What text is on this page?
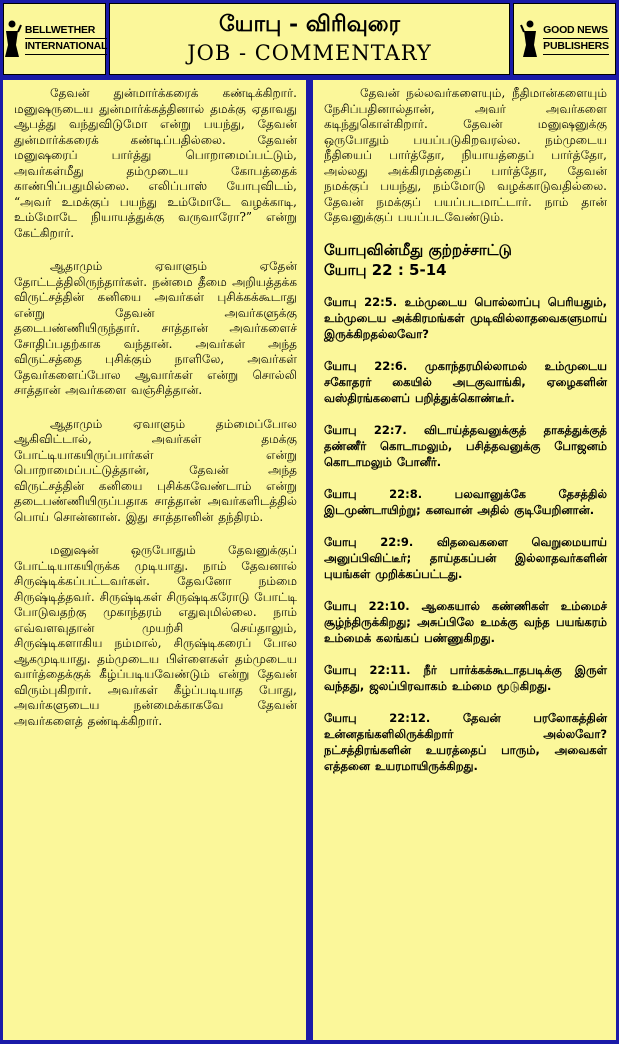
BELLWETHER
INTERNATIONAL
யோபு - விரிவுரை
JOB - COMMENTARY
GOOD NEWS
PUBLISHERS

தேவன் துன்மார்க்கரைக் கண்டிக்கிறார். மனுஷருடைய துன்மார்க்கத்தினால் தமக்கு ஏதாவது ஆபத்து வந்துவிடுமோ என்று பயந்து, தேவன் துன்மார்க்கரைக் கண்டிப்பதில்லை. தேவன் மனுஷரைப் பார்த்து பொறாமைப்பட்டும், அவர்கள்மீது தம்முடைய கோபத்தைக் காண்பிப்பதுமில்லை. எலிப்பாஸ் யோபுவிடம், “அவர் உமக்குப் பயந்து உம்மோடே வழக்காடி, உம்மோடே நியாயத்துக்கு வருவாரோ?” என்று கேட்கிறார்.

ஆதாமும் ஏவாளும் ஏதேன் தோட்டத்திலிருந்தார்கள். நன்மை தீமை அறியத்தக்க விருட்சத்தின் கனியை அவர்கள் புசிக்கக்கூடாது என்று தேவன் அவர்களுக்கு தடைபண்ணியிருந்தார். சாத்தான் அவர்களைச் சோதிப்பதற்காக வந்தான். அவர்கள் அந்த விருட்சத்தை புசிக்கும் நாளிலே, அவர்கள் தேவர்களைப்போல ஆவார்கள் என்று சொல்லி சாத்தான் அவர்களை வஞ்சித்தான்.

ஆதாமும் ஏவாளும் தம்மைப்போல ஆகிவிட்டால், அவர்கள் தமக்கு போட்டியாகயிருப்பார்கள் என்று பொறாமைப்பட்டுத்தான், தேவன் அந்த விருட்சத்தின் கனியை புசிக்கவேண்டாம் என்று தடைபண்ணியிருப்பதாக சாத்தான் அவர்களிடத்தில் பொய் சொன்னான். இது சாத்தானின் தந்திரம்.

மனுஷன் ஒருபோதும் தேவனுக்குப் போட்டியாகயிருக்க முடியாது. நாம் தேவனால் சிருஷ்டிக்கப்பட்டவர்கள். தேவனோ நம்மை சிருஷ்டித்தவர். சிருஷ்டிகள் சிருஷ்டிகரோடு போட்டி போடுவதற்கு முகாந்தரம் எதுவுமில்லை. நாம் எவ்வளவுதான் முயற்சி செய்தாலும், சிருஷ்டிகளாகிய நம்மால், சிருஷ்டிகரைப் போல ஆகமுடியாது. தம்முடைய பிள்ளைகள் தம்முடைய வார்த்தைக்குக் கீழ்ப்படியவேண்டும் என்று தேவன் விரும்புகிறார். அவர்கள் கீழ்ப்படியாத போது, அவர்களுடைய நன்மைக்காகவே தேவன் அவர்களைத் தண்டிக்கிறார்.

தேவன் நல்லவர்களையும், நீதிமான்களையும் நேசிப்பதினால்தான், அவர் அவர்களை கடிந்துகொள்கிறார். தேவன் மனுஷனுக்கு ஒருபோதும் பயப்படுகிறவரல்ல. நம்முடைய நீதியைப் பார்த்தோ, நியாயத்தைப் பார்த்தோ, அல்லது அக்கிரமத்தைப் பார்த்தோ, தேவன் நமக்குப் பயந்து, நம்மோடு வழக்காடுவதில்லை. தேவன் நமக்குப் பயப்படமாட்டார். நாம் தான் தேவனுக்குப் பயப்படவேண்டும்.

யோபுவின்மீது குற்றச்சாட்டு
யோபு 22 : 5-14

யோபு 22:5. உம்முடைய பொல்லாப்பு பெரியதும், உம்முடைய அக்கிரமங்கள் முடிவில்லாதவைகளுமாய் இருக்கிறதல்லவோ?

யோபு 22:6. முகாந்தரமில்லாமல் உம்முடைய சகோதரர் கையில் அடகுவாங்கி, ஏழைகளின் வஸ்திரங்களைப் பறித்துக்கொண்டீர்.

யோபு 22:7. விடாய்த்தவனுக்குத் தாகத்துக்குத் தண்ணீர் கொடாமலும், பசித்தவனுக்கு போஜனம் கொடாமலும் போனீர்.

யோபு 22:8. பலவானுக்கே தேசத்தில் இடமுண்டாயிற்று; கனவான் அதில் குடியேறினான்.

யோபு 22:9. விதவைகளை வெறுமையாய் அனுப்பிவிட்டீர்; தாய்தகப்பன் இல்லாதவர்களின் புயங்கள் முறிக்கப்பட்டது.

யோபு 22:10. ஆகையால் கண்ணிகள் உம்மைச் சூழ்ந்திருக்கிறது; அசுப்பிலே உமக்கு வந்த பயங்கரம் உம்மைக் கலங்கப் பண்ணுகிறது.

யோபு 22:11. நீர் பார்க்கக்கூடாதபடிக்கு இருள் வந்தது, ஜலப்பிரவாகம் உம்மை மூடுகிறது.

யோபு 22:12. தேவன் பரலோகத்தின் உன்னதங்களிலிருக்கிறார் அல்லவோ? நட்சத்திரங்களின் உயரத்தைப் பாரும், அவைகள் எத்தனை உயரமாயிருக்கிறது.
